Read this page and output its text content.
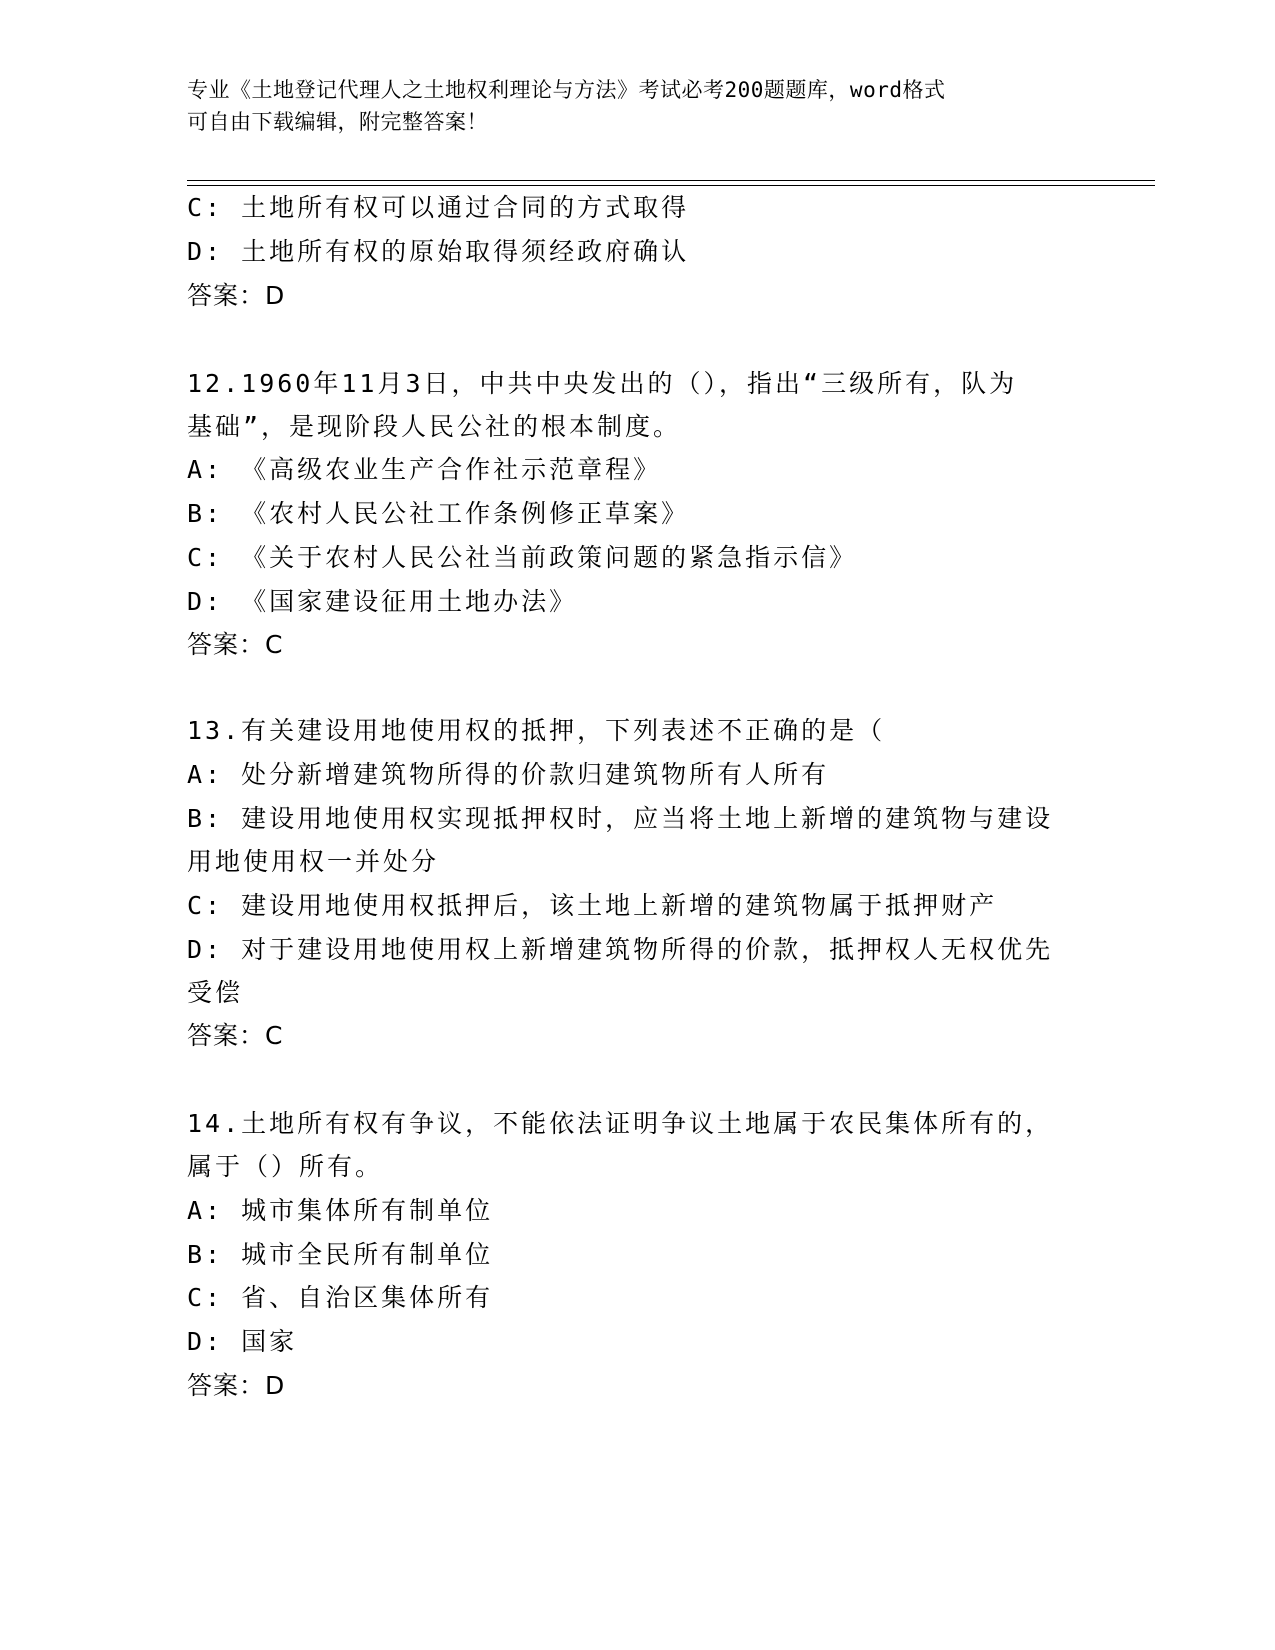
专业《土地登记代理人之土地权利理论与方法》考试必考200题题库，word格式
可自由下载编辑，附完整答案！
C: 土地所有权可以通过合同的方式取得
D: 土地所有权的原始取得须经政府确认
答案：D
12.1960年11月3日，中共中央发出的（），指出“三级所有，队为
基础”，是现阶段人民公社的根本制度。
A: 《高级农业生产合作社示范章程》
B: 《农村人民公社工作条例修正草案》
C: 《关于农村人民公社当前政策问题的紧急指示信》
D: 《国家建设征用土地办法》
答案：C
13.有关建设用地使用权的抵押，下列表述不正确的是（
A: 处分新增建筑物所得的价款归建筑物所有人所有
B: 建设用地使用权实现抵押权时，应当将土地上新增的建筑物与建设
用地使用权一并处分
C: 建设用地使用权抵押后，该土地上新增的建筑物属于抵押财产
D: 对于建设用地使用权上新增建筑物所得的价款，抵押权人无权优先
受偿
答案：C
14.土地所有权有争议，不能依法证明争议土地属于农民集体所有的，
属于（）所有。
A: 城市集体所有制单位
B: 城市全民所有制单位
C: 省、自治区集体所有
D: 国家
答案：D
